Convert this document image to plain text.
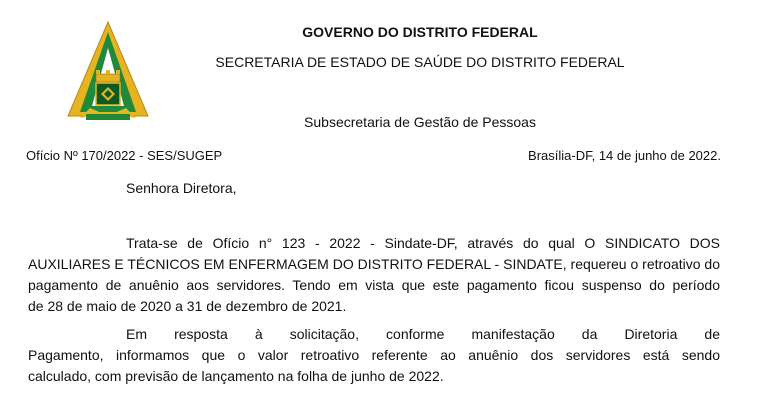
GOVERNO DO DISTRITO FEDERAL
SECRETARIA DE ESTADO DE SAÚDE DO DISTRITO FEDERAL
Subsecretaria de Gestão de Pessoas
Ofício Nº 170/2022 - SES/SUGEP	Brasília-DF, 14 de junho de 2022.
Senhora Diretora,
Trata-se de Ofício n° 123 - 2022 - Sindate-DF, através do qual O SINDICATO DOS
AUXILIARES E TÉCNICOS EM ENFERMAGEM DO DISTRITO FEDERAL - SINDATE, requereu o retroativo do
pagamento de anuênio aos servidores. Tendo em vista que este pagamento ficou suspenso do período
de 28 de maio de 2020 a 31 de dezembro de 2021.
Em resposta à solicitação, conforme manifestação da Diretoria de
Pagamento, informamos que o valor retroativo referente ao anuênio dos servidores está sendo
calculado, com previsão de lançamento na folha de junho de 2022.
